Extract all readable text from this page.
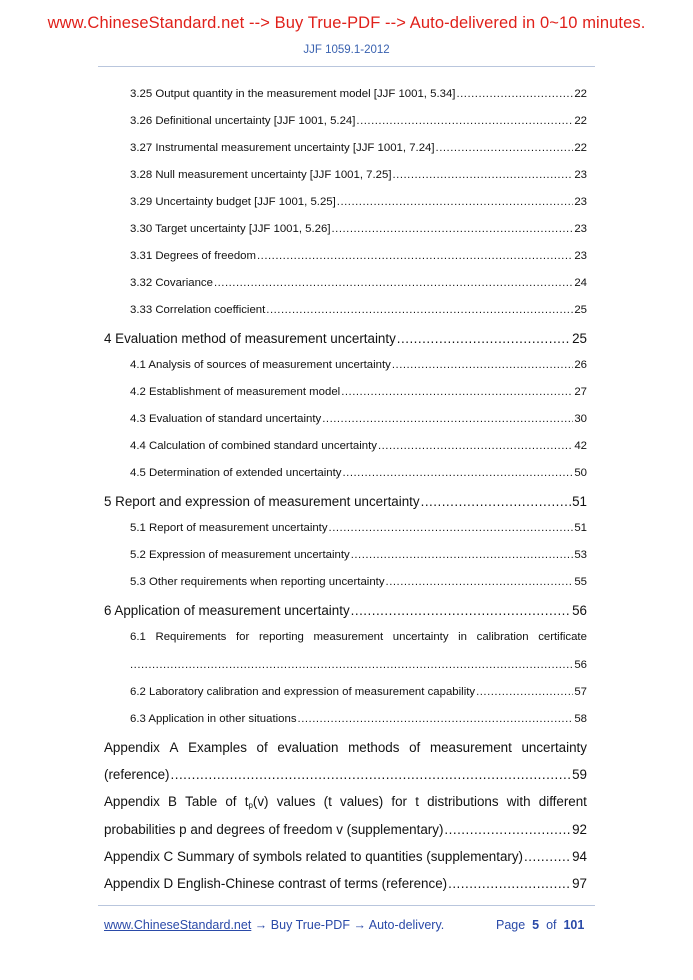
www.ChineseStandard.net --> Buy True-PDF --> Auto-delivered in 0~10 minutes.
JJF 1059.1-2012
3.25 Output quantity in the measurement model [JJF 1001, 5.34] .....	22
3.26 Definitional uncertainty [JJF 1001, 5.24] .....	22
3.27 Instrumental measurement uncertainty [JJF 1001, 7.24] .....	22
3.28 Null measurement uncertainty [JJF 1001, 7.25] .....	23
3.29 Uncertainty budget [JJF 1001, 5.25] .....	23
3.30 Target uncertainty [JJF 1001, 5.26] .....	23
3.31 Degrees of freedom .....	23
3.32 Covariance .....	24
3.33 Correlation coefficient .....	25
4 Evaluation method of measurement uncertainty .....	25
4.1 Analysis of sources of measurement uncertainty .....	26
4.2 Establishment of measurement model .....	27
4.3 Evaluation of standard uncertainty .....	30
4.4 Calculation of combined standard uncertainty .....	42
4.5 Determination of extended uncertainty .....	50
5 Report and expression of measurement uncertainty .....	51
5.1 Report of measurement uncertainty .....	51
5.2 Expression of measurement uncertainty .....	53
5.3 Other requirements when reporting uncertainty .....	55
6 Application of measurement uncertainty .....	56
6.1 Requirements for reporting measurement uncertainty in calibration certificate
.....
56
6.2 Laboratory calibration and expression of measurement capability .....	57
6.3 Application in other situations .....	58
Appendix A Examples of evaluation methods of measurement uncertainty
(reference) .....	59
Appendix B Table of $t_p(v)$ values (t values) for t distributions with different
probabilities p and degrees of freedom v (supplementary) .....	92
Appendix C Summary of symbols related to quantities (supplementary) .....	94
Appendix D English-Chinese contrast of terms (reference) .....	97
www.ChineseStandard.net → Buy True-PDF → Auto-delivery.	Page 5 of 101
